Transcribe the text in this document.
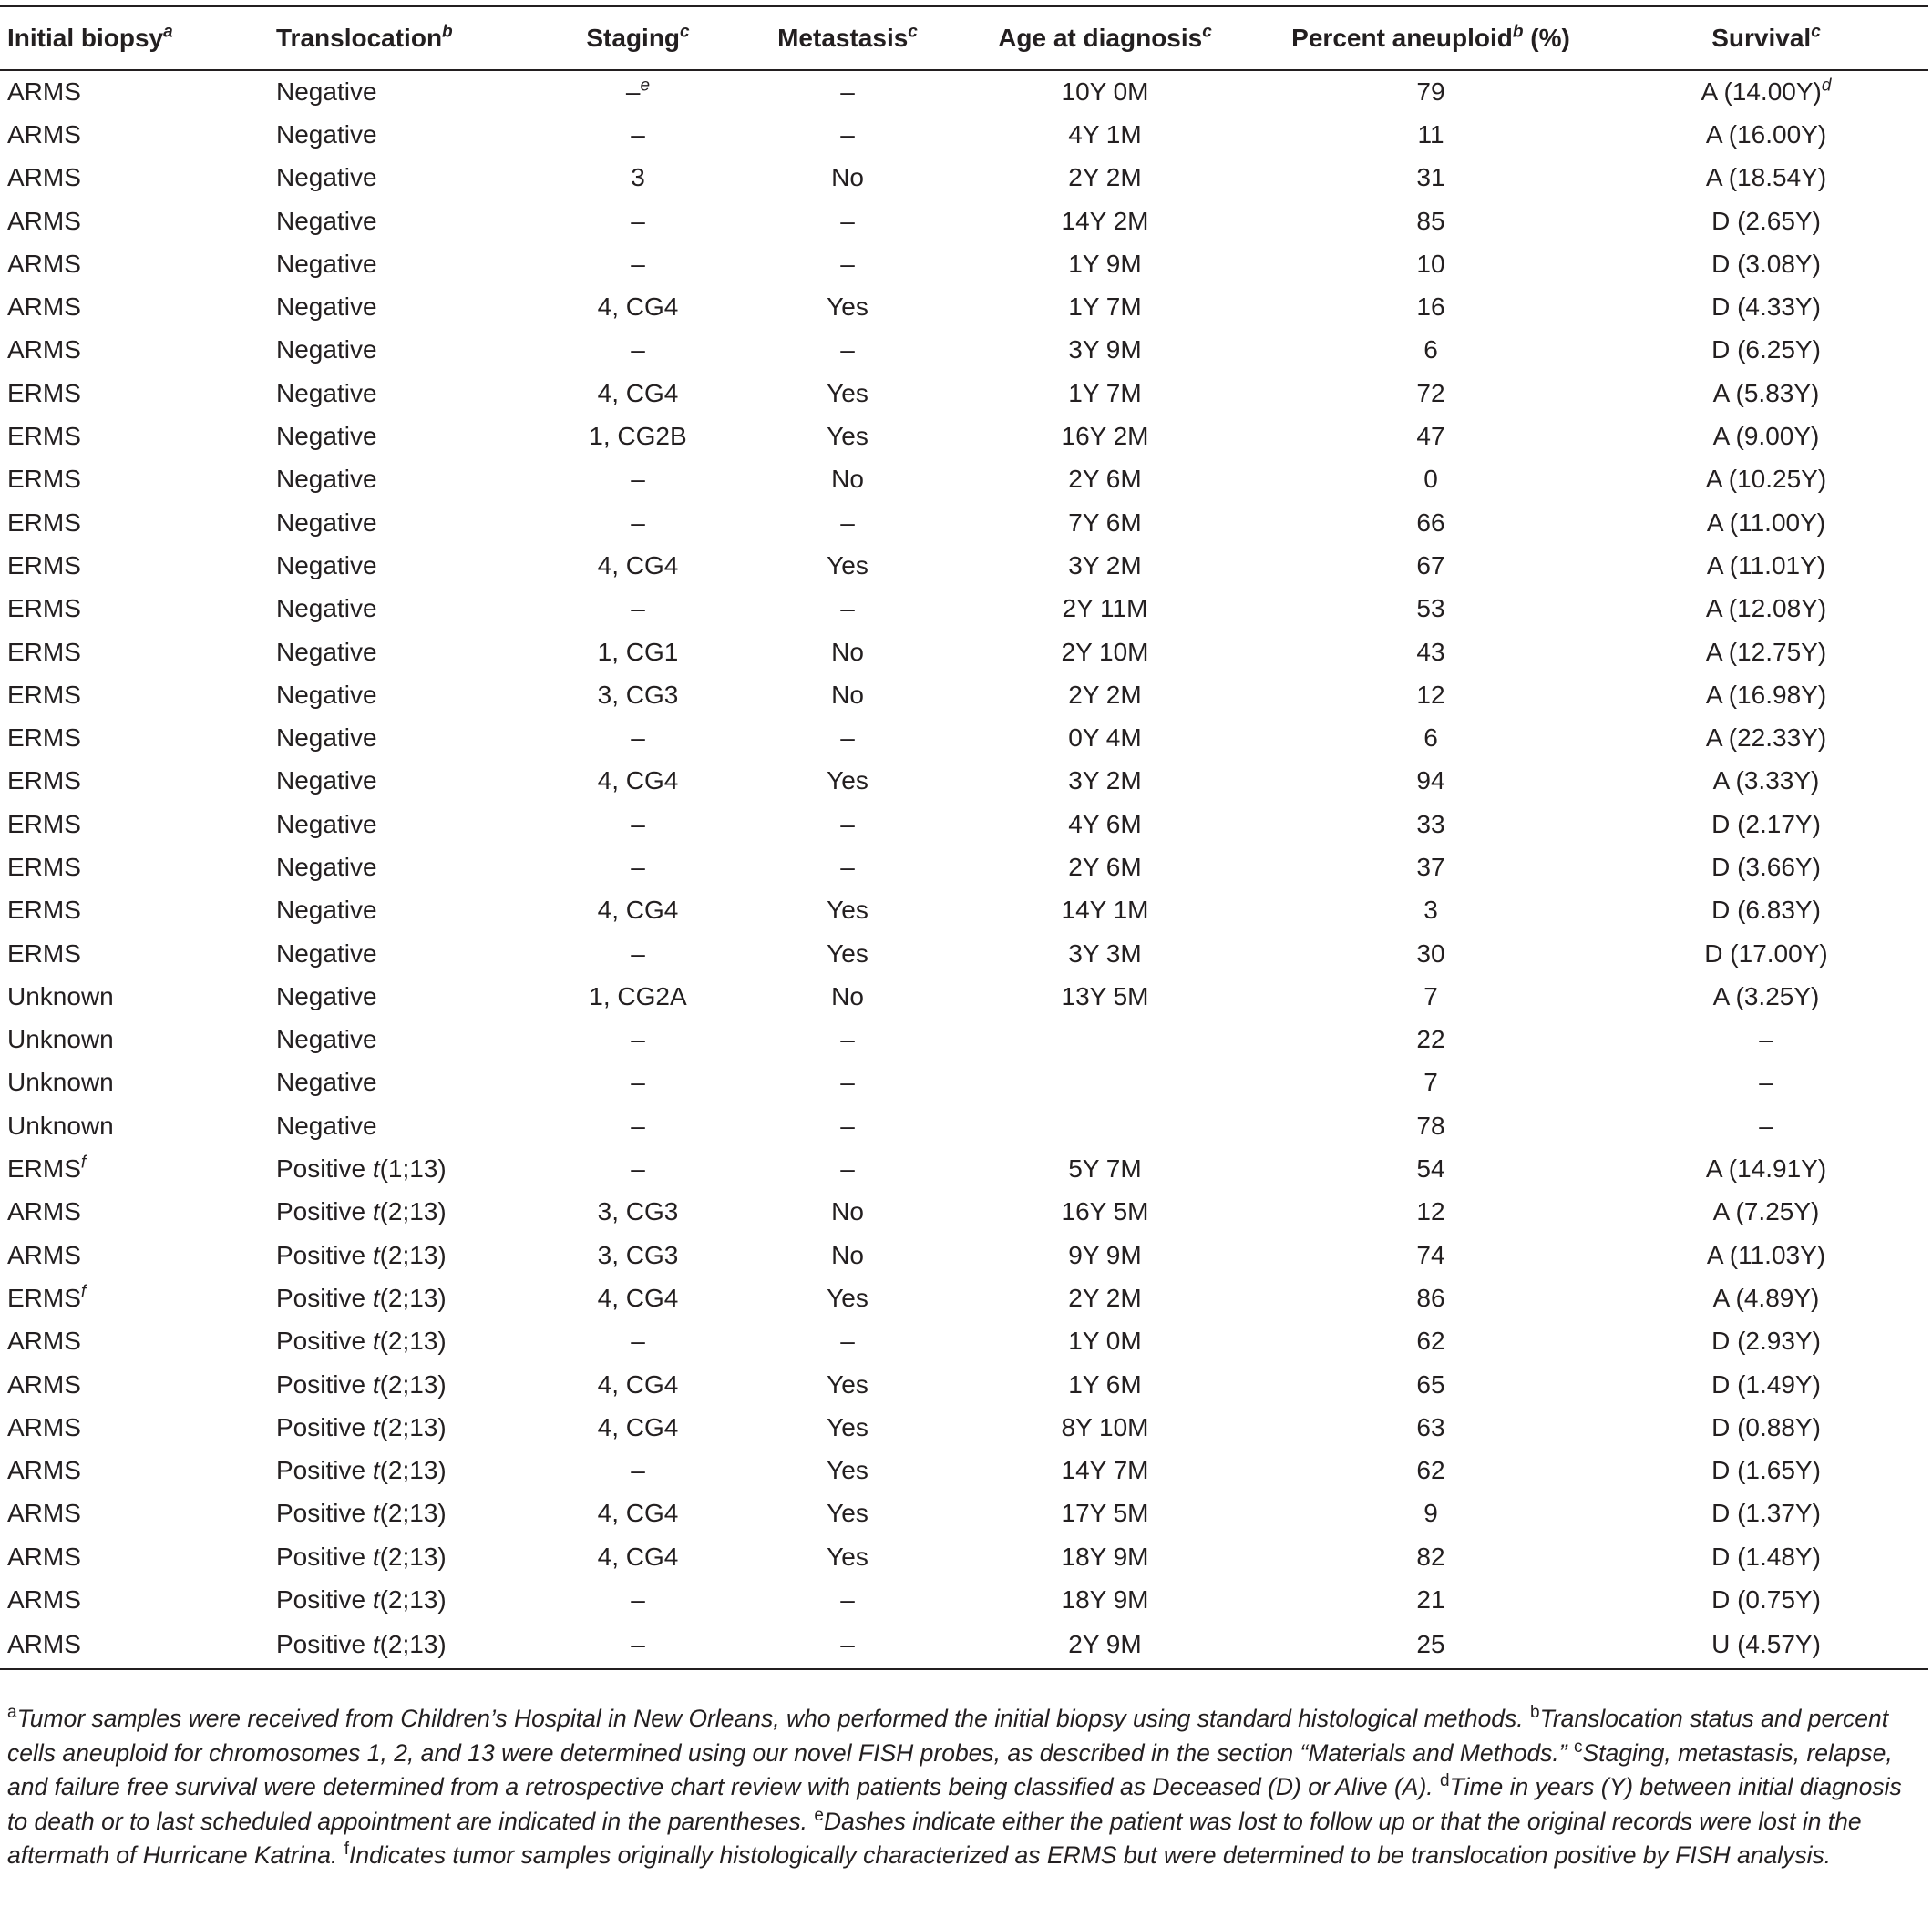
Initial biopsy$^a$	Translocation$^b$	Staging$^c$	Metastasis$^c$	Age at diagnosis$^c$	Percent aneuploid$^b$ (%)	Survival$^c$
ARMS	Negative	–$^e$	–	10Y 0M	79	A $(14.00Y)^d$
ARMS	Negative	–	–	4Y 1M	11	A (16.00Y)
ARMS	Negative	3	No	2Y 2M	31	A (18.54Y)
ARMS	Negative	–	–	14Y 2M	85	D (2.65Y)
ARMS	Negative	–	–	1Y 9M	10	D (3.08Y)
ARMS	Negative	4, CG4	Yes	1Y 7M	16	D (4.33Y)
ARMS	Negative	–	–	3Y 9M	6	D (6.25Y)
ERMS	Negative	4, CG4	Yes	1Y 7M	72	A (5.83Y)
ERMS	Negative	1, CG2B	Yes	16Y 2M	47	A (9.00Y)
ERMS	Negative	–	No	2Y 6M	0	A (10.25Y)
ERMS	Negative	–	–	7Y 6M	66	A (11.00Y)
ERMS	Negative	4, CG4	Yes	3Y 2M	67	A (11.01Y)
ERMS	Negative	–	–	2Y 11M	53	A (12.08Y)
ERMS	Negative	1, CG1	No	2Y 10M	43	A (12.75Y)
ERMS	Negative	3, CG3	No	2Y 2M	12	A (16.98Y)
ERMS	Negative	–	–	0Y 4M	6	A (22.33Y)
ERMS	Negative	4, CG4	Yes	3Y 2M	94	A (3.33Y)
ERMS	Negative	–	–	4Y 6M	33	D (2.17Y)
ERMS	Negative	–	–	2Y 6M	37	D (3.66Y)
ERMS	Negative	4, CG4	Yes	14Y 1M	3	D (6.83Y)
ERMS	Negative	–	Yes	3Y 3M	30	D (17.00Y)
Unknown	Negative	1, CG2A	No	13Y 5M	7	A (3.25Y)
Unknown	Negative	–	–		22	–
Unknown	Negative	–	–		7	–
Unknown	Negative	–	–		78	–
ERMS$^f$	Positive t(1;13)	–	–	5Y 7M	54	A (14.91Y)
ARMS	Positive t(2;13)	3, CG3	No	16Y 5M	12	A (7.25Y)
ARMS	Positive t(2;13)	3, CG3	No	9Y 9M	74	A (11.03Y)
ERMS$^f$	Positive t(2;13)	4, CG4	Yes	2Y 2M	86	A (4.89Y)
ARMS	Positive t(2;13)	–	–	1Y 0M	62	D (2.93Y)
ARMS	Positive t(2;13)	4, CG4	Yes	1Y 6M	65	D (1.49Y)
ARMS	Positive t(2;13)	4, CG4	Yes	8Y 10M	63	D (0.88Y)
ARMS	Positive t(2;13)	–	Yes	14Y 7M	62	D (1.65Y)
ARMS	Positive t(2;13)	4, CG4	Yes	17Y 5M	9	D (1.37Y)
ARMS	Positive t(2;13)	4, CG4	Yes	18Y 9M	82	D (1.48Y)
ARMS	Positive t(2;13)	–	–	18Y 9M	21	D (0.75Y)
ARMS	Positive t(2;13)	–	–	2Y 9M	25	U (4.57Y)
$^a$Tumor samples were received from Children’s Hospital in New Orleans, who performed the initial biopsy using standard histological methods. $^b$Translocation status and percent cells aneuploid for chromosomes 1, 2, and 13 were determined using our novel FISH probes, as described in the section “Materials and Methods.” $^c$Staging, metastasis, relapse, and failure free survival were determined from a retrospective chart review with patients being classified as Deceased (D) or Alive (A). $^d$Time in years (Y) between initial diagnosis to death or to last scheduled appointment are indicated in the parentheses. $^e$Dashes indicate either the patient was lost to follow up or that the original records were lost in the aftermath of Hurricane Katrina. $^f$Indicates tumor samples originally histologically characterized as ERMS but were determined to be translocation positive by FISH analysis.
